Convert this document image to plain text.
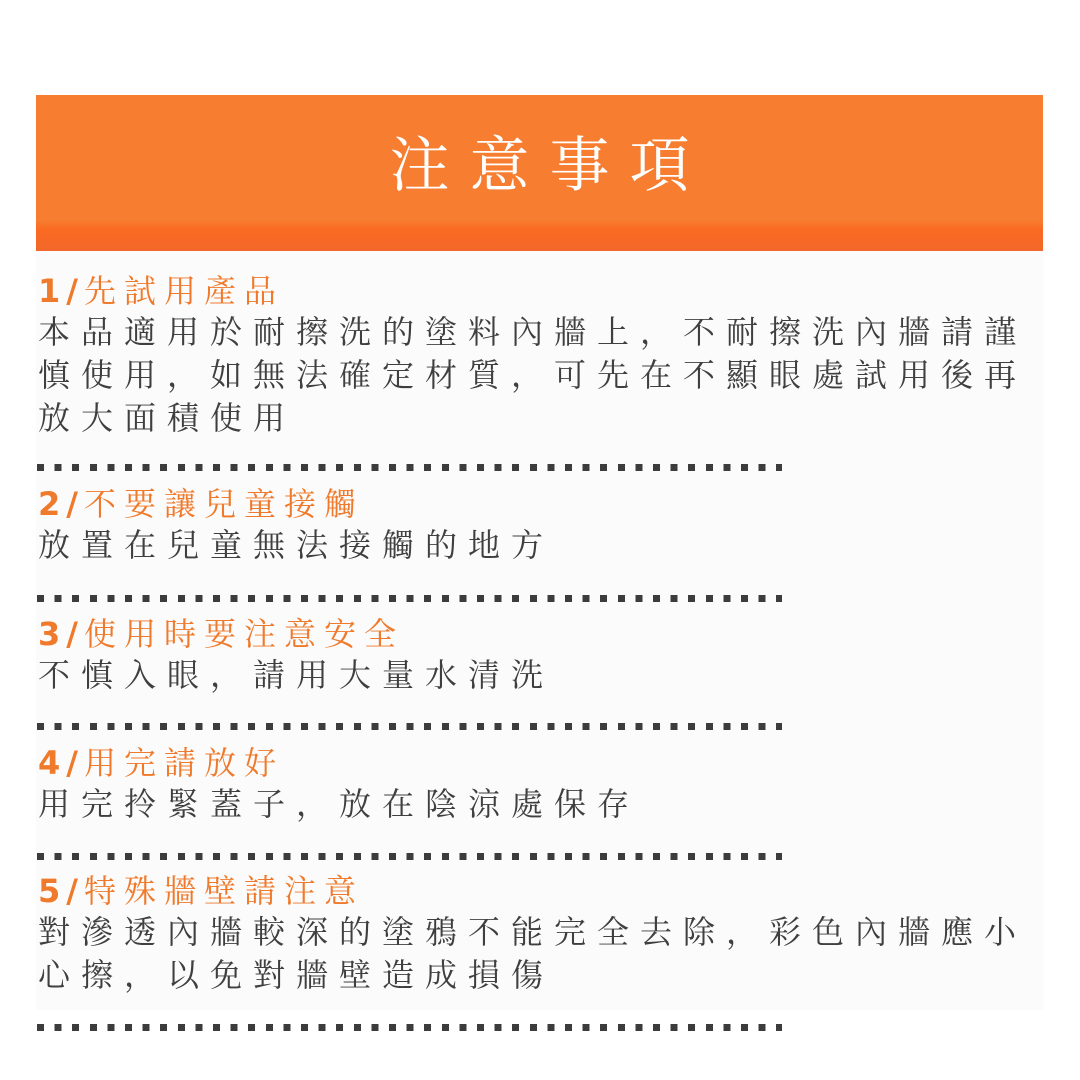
注意事項
1 / 先試用產品
本品適用於耐擦洗的塗料內牆上，不耐擦洗內牆請謹慎使用，如無法確定材質，可先在不顯眼處試用後再放大面積使用
2 / 不要讓兒童接觸
放置在兒童無法接觸的地方
3 / 使用時要注意安全
不慎入眼，請用大量水清洗
4 / 用完請放好
用完拎緊蓋子，放在陰涼處保存
5 / 特殊牆壁請注意
對滲透內牆較深的塗鴉不能完全去除，彩色內牆應小心擦，以免對牆壁造成損傷
